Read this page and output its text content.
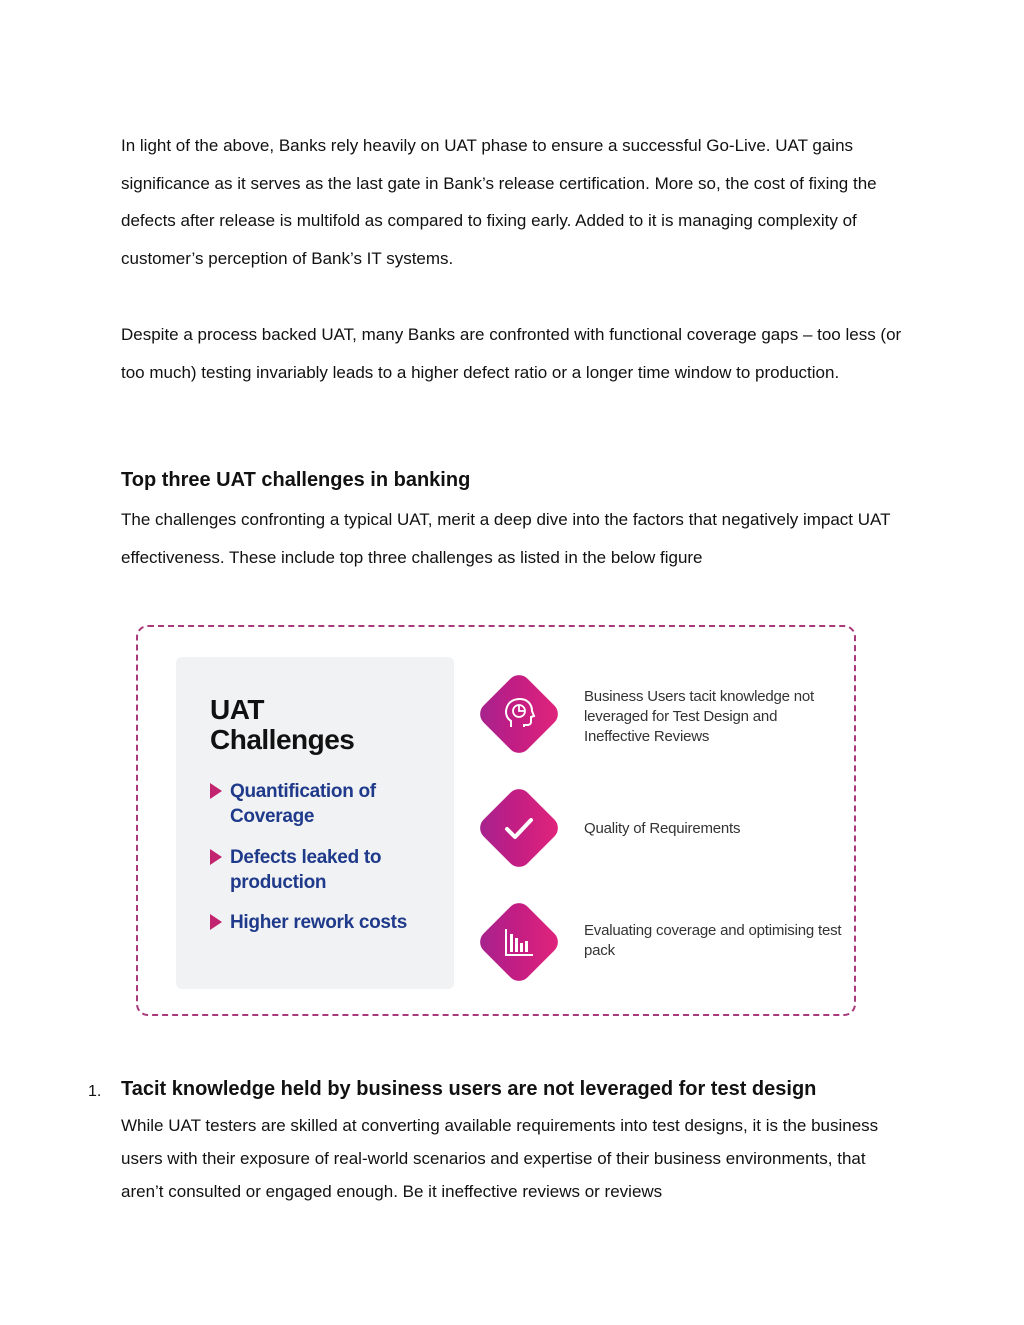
In light of the above, Banks rely heavily on UAT phase to ensure a successful Go-Live. UAT gains significance as it serves as the last gate in Bank’s release certification. More so, the cost of fixing the defects after release is multifold as compared to fixing early. Added to it is managing complexity of customer’s perception of Bank’s IT systems.

Despite a process backed UAT, many Banks are confronted with functional coverage gaps – too less (or too much) testing invariably leads to a higher defect ratio or a longer time window to production.

Top three UAT challenges in banking

The challenges confronting a typical UAT, merit a deep dive into the factors that negatively impact UAT effectiveness. These include top three challenges as listed in the below figure

UAT
Challenges
Quantification of Coverage
Defects leaked to production
Higher rework costs

Business Users tacit knowledge not leveraged for Test Design and Ineffective Reviews

Quality of Requirements

Evaluating coverage and optimising test pack

1. Tacit knowledge held by business users are not leveraged for test design

While UAT testers are skilled at converting available requirements into test designs, it is the business users with their exposure of real-world scenarios and expertise of their business environments, that aren’t consulted or engaged enough. Be it ineffective reviews or reviews
